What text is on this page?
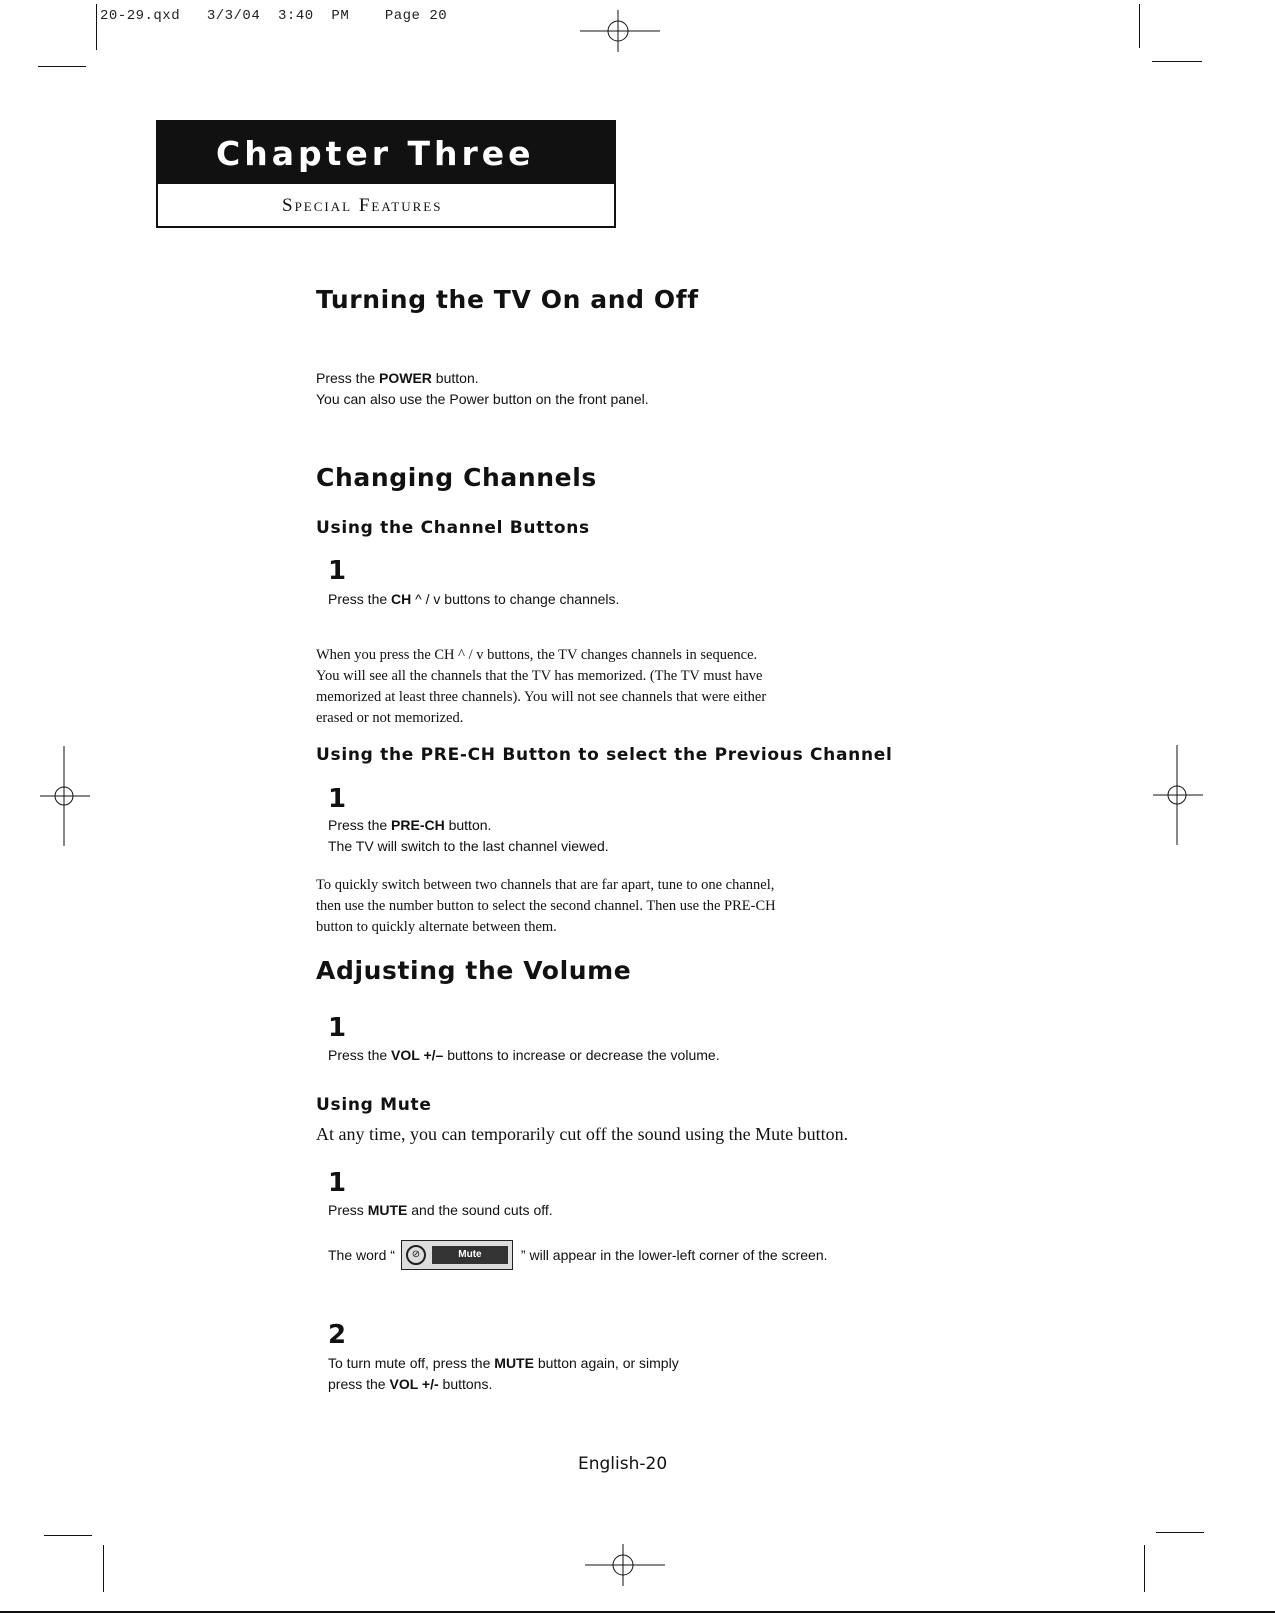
20-29.qxd   3/3/04  3:40  PM    Page 20
Chapter Three
Special Features
Turning the TV On and Off
Press the POWER button.
You can also use the Power button on the front panel.
Changing Channels
Using the Channel Buttons
1
Press the CH ^ / v buttons to change channels.
When you press the CH ^ / v buttons, the TV changes channels in sequence.
You will see all the channels that the TV has memorized. (The TV must have
memorized at least three channels). You will not see channels that were either
erased or not memorized.
Using the PRE-CH Button to select the Previous Channel
1
Press the PRE-CH button.
The TV will switch to the last channel viewed.
To quickly switch between two channels that are far apart, tune to one channel,
then use the number button to select the second channel. Then use the PRE-CH
button to quickly alternate between them.
Adjusting the Volume
1
Press the VOL +/– buttons to increase or decrease the volume.
Using Mute
At any time, you can temporarily cut off the sound using the Mute button.
1
Press MUTE and the sound cuts off.
The word “	⊘	Mute	” will appear in the lower-left corner of the screen.
2
To turn mute off, press the MUTE button again, or simply
press the VOL +/- buttons.
English-20
